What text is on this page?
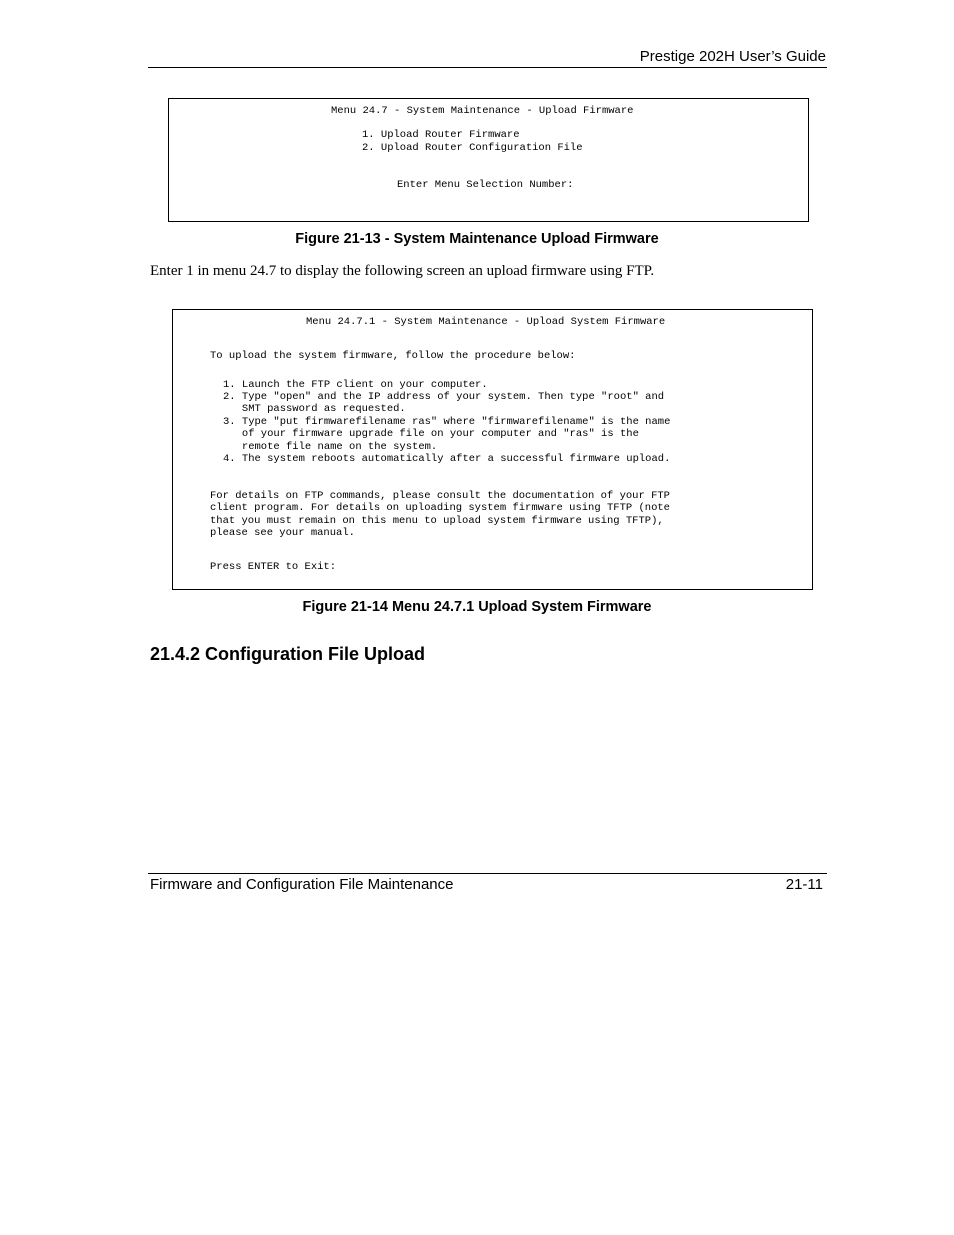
Prestige 202H User’s Guide
Menu 24.7 - System Maintenance - Upload Firmware
1. Upload Router Firmware
2. Upload Router Configuration File
Enter Menu Selection Number:
Figure 21-13 - System Maintenance Upload Firmware
Enter 1 in menu 24.7 to display the following screen an upload firmware using FTP.
Menu 24.7.1 - System Maintenance - Upload System Firmware
To upload the system firmware, follow the procedure below:
1. Launch the FTP client on your computer.
2. Type "open" and the IP address of your system. Then type "root" and
SMT password as requested.
3. Type "put firmwarefilename ras" where "firmwarefilename" is the name
of your firmware upgrade file on your computer and "ras" is the
remote file name on the system.
4. The system reboots automatically after a successful firmware upload.
For details on FTP commands, please consult the documentation of your FTP
client program. For details on uploading system firmware using TFTP (note
that you must remain on this menu to upload system firmware using TFTP),
please see your manual.
Press ENTER to Exit:
Figure 21-14 Menu 24.7.1 Upload System Firmware
21.4.2 Configuration File Upload
Firmware and Configuration File Maintenance	21-11
